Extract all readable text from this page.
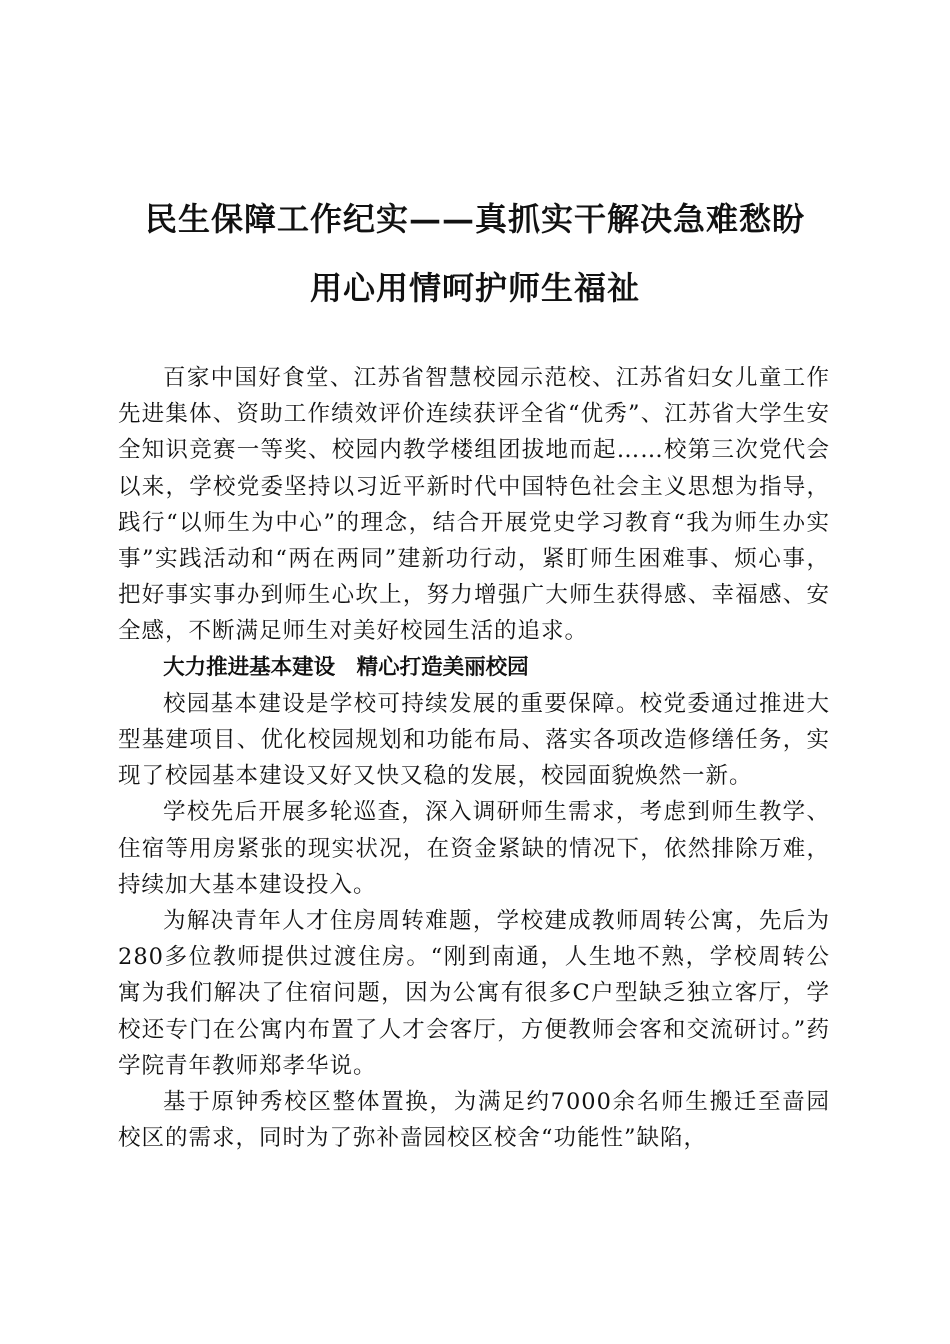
民生保障工作纪实——真抓实干解决急难愁盼
用心用情呵护师生福祉

百家中国好食堂、江苏省智慧校园示范校、江苏省妇女儿童工作先进集体、资助工作绩效评价连续获评全省“优秀”、江苏省大学生安全知识竞赛一等奖、校园内教学楼组团拔地而起……校第三次党代会以来，学校党委坚持以习近平新时代中国特色社会主义思想为指导，践行“以师生为中心”的理念，结合开展党史学习教育“我为师生办实事”实践活动和“两在两同”建新功行动，紧盯师生困难事、烦心事，把好事实事办到师生心坎上，努力增强广大师生获得感、幸福感、安全感，不断满足师生对美好校园生活的追求。

大力推进基本建设　精心打造美丽校园

校园基本建设是学校可持续发展的重要保障。校党委通过推进大型基建项目、优化校园规划和功能布局、落实各项改造修缮任务，实现了校园基本建设又好又快又稳的发展，校园面貌焕然一新。

学校先后开展多轮巡查，深入调研师生需求，考虑到师生教学、住宿等用房紧张的现实状况，在资金紧缺的情况下，依然排除万难，持续加大基本建设投入。

为解决青年人才住房周转难题，学校建成教师周转公寓，先后为280多位教师提供过渡住房。“刚到南通，人生地不熟，学校周转公寓为我们解决了住宿问题，因为公寓有很多C户型缺乏独立客厅，学校还专门在公寓内布置了人才会客厅，方便教师会客和交流研讨。”药学院青年教师郑孝华说。

基于原钟秀校区整体置换，为满足约7000余名师生搬迁至啬园校区的需求，同时为了弥补啬园校区校舍“功能性”缺陷，
